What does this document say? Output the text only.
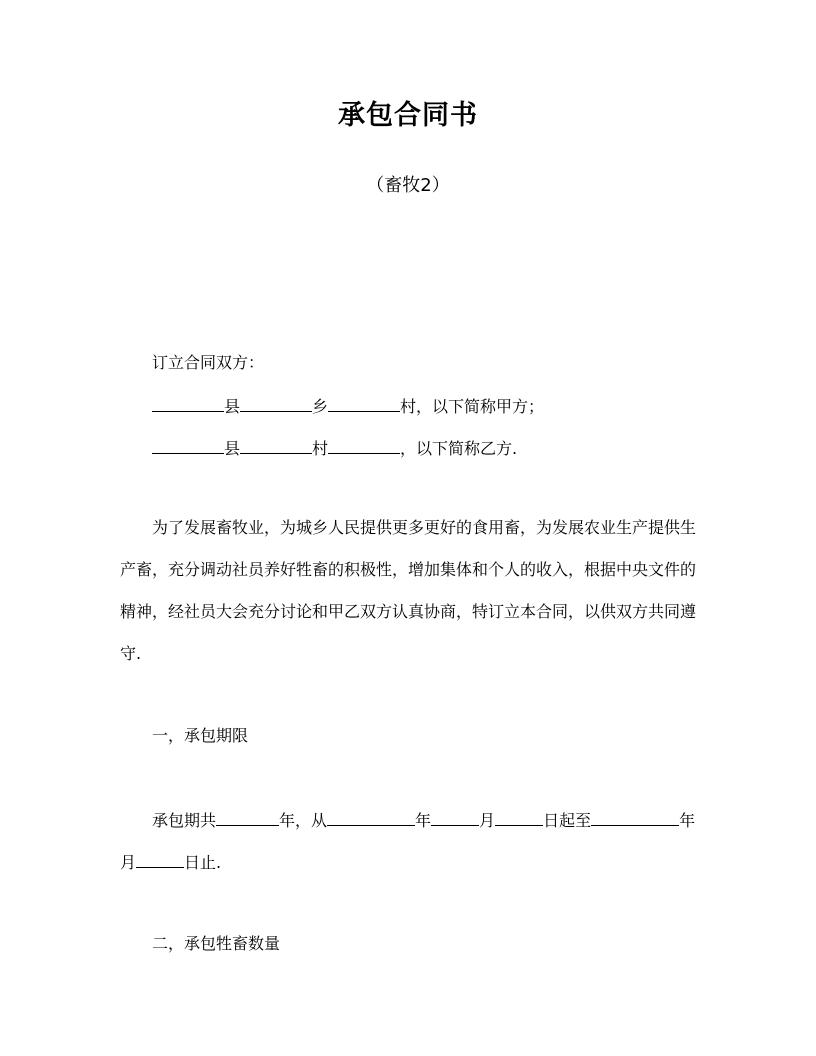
承包合同书
（畜牧2）
订立合同双方：
县	乡	村，以下简称甲方；
县	村	，以下简称乙方.
为了发展畜牧业，为城乡人民提供更多更好的食用畜，为发展农业生产提供生产畜，充分调动社员养好牲畜的积极性，增加集体和个人的收入，根据中央文件的精神，经社员大会充分讨论和甲乙双方认真协商，特订立本合同，以供双方共同遵守.
一，承包期限
承包期共	年，从	年	月	日起至	年
月	日止.
二，承包牲畜数量
